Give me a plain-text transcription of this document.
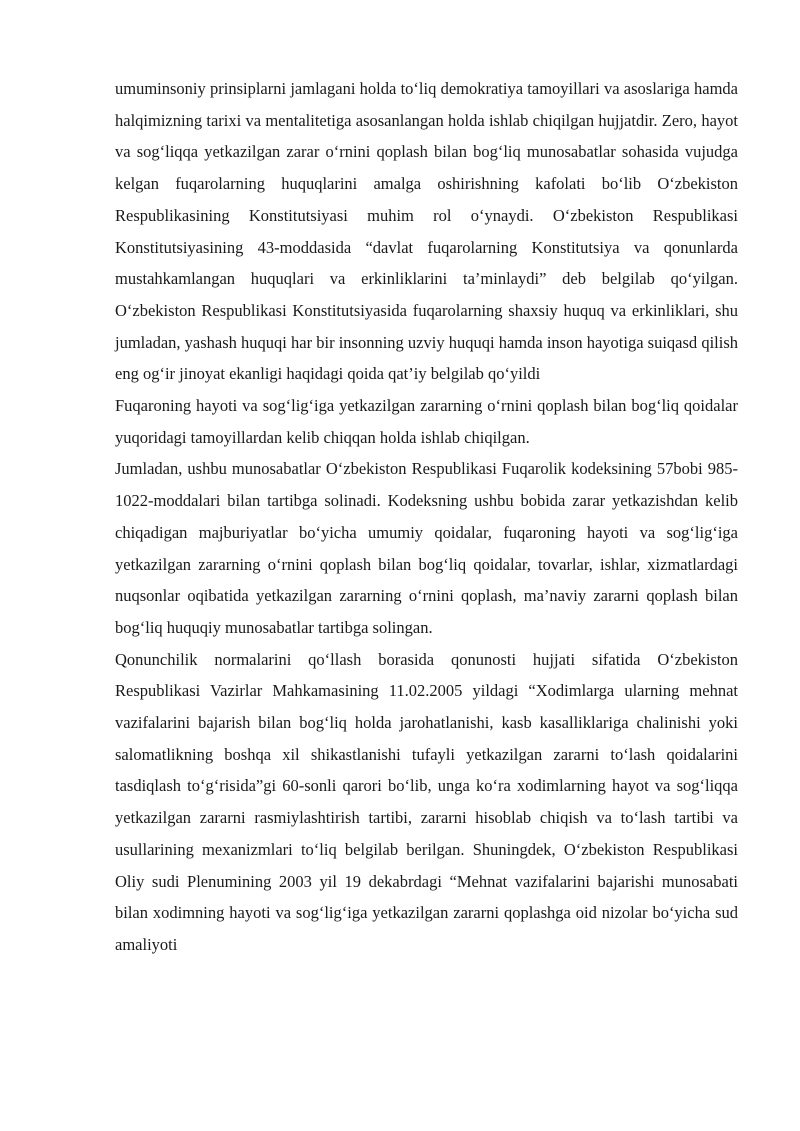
umuminsoniy prinsiplarni jamlagani holda to‘liq demokratiya tamoyillari va asoslariga hamda halqimizning tarixi va mentalitetiga asosanlangan holda ishlab chiqilgan hujjatdir. Zero, hayot va sog‘liqqa yetkazilgan zarar o‘rnini qoplash bilan bog‘liq munosabatlar sohasida vujudga kelgan fuqarolarning huquqlarini amalga oshirishning kafolati bo‘lib O‘zbekiston Respublikasining Konstitutsiyasi muhim rol o‘ynaydi. O‘zbekiston Respublikasi Konstitutsiyasining 43-moddasida “davlat fuqarolarning Konstitutsiya va qonunlarda mustahkamlangan huquqlari va erkinliklarini ta’minlaydi” deb belgilab qo‘yilgan. O‘zbekiston Respublikasi Konstitutsiyasida fuqarolarning shaxsiy huquq va erkinliklari, shu jumladan, yashash huquqi har bir insonning uzviy huquqi hamda inson hayotiga suiqasd qilish eng og‘ir jinoyat ekanligi haqidagi qoida qat’iy belgilab qo‘yildi

Fuqaroning hayoti va sog‘lig‘iga yetkazilgan zararning o‘rnini qoplash bilan bog‘liq qoidalar yuqoridagi tamoyillardan kelib chiqqan holda ishlab chiqilgan.

Jumladan, ushbu munosabatlar O‘zbekiston Respublikasi Fuqarolik kodeksining 57bobi 985-1022-moddalari bilan tartibga solinadi. Kodeksning ushbu bobida zarar yetkazishdan kelib chiqadigan majburiyatlar bo‘yicha umumiy qoidalar, fuqaroning hayoti va sog‘lig‘iga yetkazilgan zararning o‘rnini qoplash bilan bog‘liq qoidalar, tovarlar, ishlar, xizmatlardagi nuqsonlar oqibatida yetkazilgan zararning o‘rnini qoplash, ma’naviy zararni qoplash bilan bog‘liq huquqiy munosabatlar tartibga solingan.

Qonunchilik normalarini qo‘llash borasida qonunosti hujjati sifatida O‘zbekiston Respublikasi Vazirlar Mahkamasining 11.02.2005 yildagi “Xodimlarga ularning mehnat vazifalarini bajarish bilan bog‘liq holda jarohatlanishi, kasb kasalliklariga chalinishi yoki salomatlikning boshqa xil shikastlanishi tufayli yetkazilgan zararni to‘lash qoidalarini tasdiqlash to‘g‘risida”gi 60-sonli qarori bo‘lib, unga ko‘ra xodimlarning hayot va sog‘liqqa yetkazilgan zararni rasmiylashtirish tartibi, zararni hisoblab chiqish va to‘lash tartibi va usullarining mexanizmlari to‘liq belgilab berilgan. Shuningdek, O‘zbekiston Respublikasi Oliy sudi Plenumining 2003 yil 19 dekabrdagi “Mehnat vazifalarini bajarishi munosabati bilan xodimning hayoti va sog‘lig‘iga yetkazilgan zararni qoplashga oid nizolar bo‘yicha sud amaliyoti
